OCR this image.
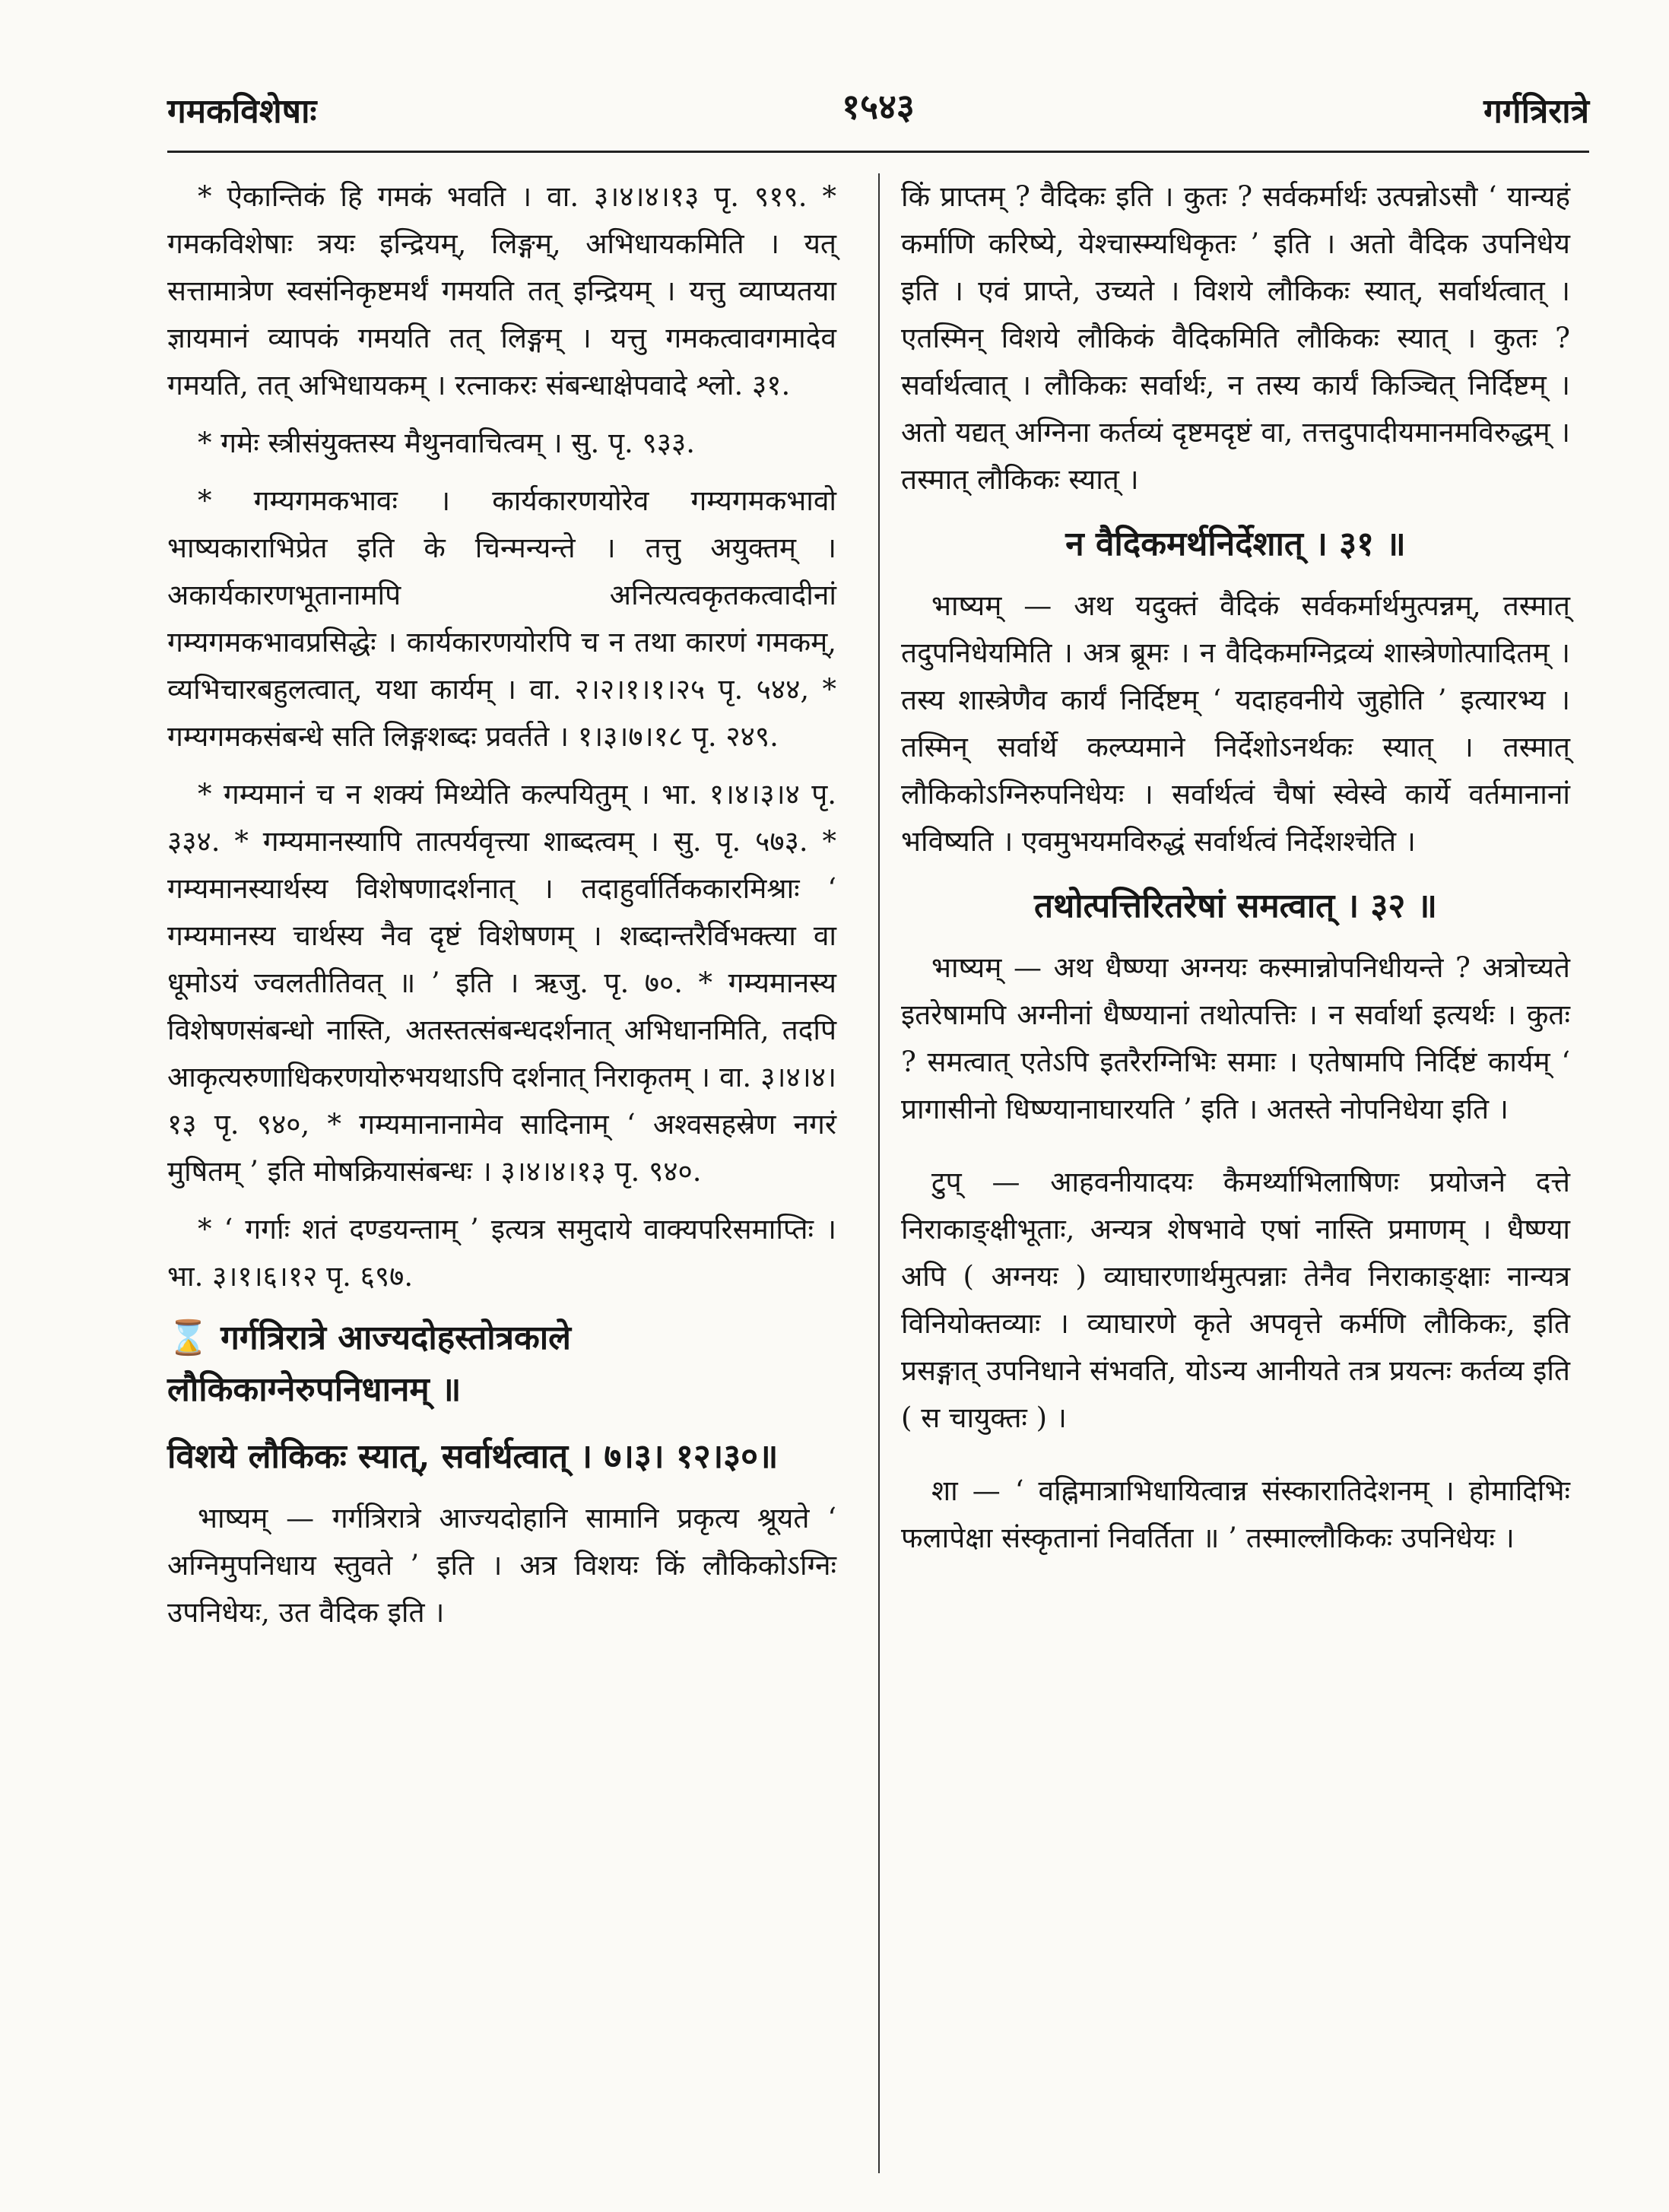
गमकविशेषाः	१५४३	गर्गत्रिरात्रे

* ऐकान्तिकं हि गमकं भवति । वा. ३।४।४।१३ पृ. ९१९. * गमकविशेषाः त्रयः इन्द्रियम्, लिङ्गम्, अभिधायकमिति । यत् सत्तामात्रेण स्वसंनिकृष्टमर्थं गमयति तत् इन्द्रियम् । यत्तु व्याप्यतया ज्ञायमानं व्यापकं गमयति तत् लिङ्गम् । यत्तु गमकत्वावगमादेव गमयति, तत् अभिधायकम् । रत्नाकरः संबन्धाक्षेपवादे श्लो. ३१.

* गमेः स्त्रीसंयुक्तस्य मैथुनवाचित्वम् । सु. पृ. ९३३.

* गम्यगमकभावः । कार्यकारणयोरेव गम्यगमकभावो भाष्यकाराभिप्रेत इति के चिन्मन्यन्ते । तत्तु अयुक्तम् । अकार्यकारणभूतानामपि अनित्यत्वकृतकत्वादीनां गम्यगमकभावप्रसिद्धेः । कार्यकारणयोरपि च न तथा कारणं गमकम्, व्यभिचारबहुलत्वात्, यथा कार्यम् । वा. २।२।१।१।२५ पृ. ५४४, * गम्यगमकसंबन्धे सति लिङ्गशब्दः प्रवर्तते । १।३।७।१८ पृ. २४९.

* गम्यमानं च न शक्यं मिथ्येति कल्पयितुम् । भा. १।४।३।४ पृ. ३३४. * गम्यमानस्यापि तात्पर्यवृत्त्या शाब्दत्वम् । सु. पृ. ५७३. * गम्यमानस्यार्थस्य विशेषणादर्शनात् । तदाहुर्वार्तिककारमिश्राः ‘ गम्यमानस्य चार्थस्य नैव दृष्टं विशेषणम् । शब्दान्तरैर्विभक्त्या वा धूमोऽयं ज्वलतीतिवत् ॥ ’ इति । ऋजु. पृ. ७०. * गम्यमानस्य विशेषणसंबन्धो नास्ति, अतस्तत्संबन्धदर्शनात् अभिधानमिति, तदपि आकृत्यरुणाधिकरणयोरुभयथाऽपि दर्शनात् निराकृतम् । वा. ३।४।४।१३ पृ. ९४०, * गम्यमानानामेव सादिनाम् ‘ अश्वसहस्रेण नगरं मुषितम् ’ इति मोषक्रियासंबन्धः । ३।४।४।१३ पृ. ९४०.

* ‘ गर्गाः शतं दण्डयन्ताम् ’ इत्यत्र समुदाये वाक्यपरिसमाप्तिः । भा. ३।१।६।१२ पृ. ६९७.

⌛ गर्गत्रिरात्रे आज्यदोहस्तोत्रकाले लौकिकाग्नेरुपनिधानम् ॥

विशये लौकिकः स्यात्, सर्वार्थत्वात् । ७।३। १२।३०॥

भाष्यम् — गर्गत्रिरात्रे आज्यदोहानि सामानि प्रकृत्य श्रूयते ‘ अग्निमुपनिधाय स्तुवते ’ इति । अत्र विशयः किं लौकिकोऽग्निः उपनिधेयः, उत वैदिक इति ।

किं प्राप्तम् ? वैदिकः इति । कुतः ? सर्वकर्मार्थः उत्पन्नोऽसौ ‘ यान्यहं कर्माणि करिष्ये, येश्चास्म्यधिकृतः ’ इति । अतो वैदिक उपनिधेय इति । एवं प्राप्ते, उच्यते । विशये लौकिकः स्यात्, सर्वार्थत्वात् । एतस्मिन् विशये लौकिकं वैदिकमिति लौकिकः स्यात् । कुतः ? सर्वार्थत्वात् । लौकिकः सर्वार्थः, न तस्य कार्यं किञ्चित् निर्दिष्टम् । अतो यद्यत् अग्निना कर्तव्यं दृष्टमदृष्टं वा, तत्तदुपादीयमानमविरुद्धम् । तस्मात् लौकिकः स्यात् ।

न वैदिकमर्थनिर्देशात् । ३१ ॥

भाष्यम् — अथ यदुक्तं वैदिकं सर्वकर्मार्थमुत्पन्नम्, तस्मात् तदुपनिधेयमिति । अत्र ब्रूमः । न वैदिकमग्निद्रव्यं शास्त्रेणोत्पादितम् । तस्य शास्त्रेणैव कार्यं निर्दिष्टम् ‘ यदाहवनीये जुहोति ’ इत्यारभ्य । तस्मिन् सर्वार्थे कल्प्यमाने निर्देशोऽनर्थकः स्यात् । तस्मात् लौकिकोऽग्निरुपनिधेयः । सर्वार्थत्वं चैषां स्वेस्वे कार्ये वर्तमानानां भविष्यति । एवमुभयमविरुद्धं सर्वार्थत्वं निर्देशश्चेति ।

तथोत्पत्तिरितरेषां समत्वात् । ३२ ॥

भाष्यम् — अथ धैष्ण्या अग्नयः कस्मान्नोपनिधीयन्ते ? अत्रोच्यते इतरेषामपि अग्नीनां धैष्ण्यानां तथोत्पत्तिः । न सर्वार्था इत्यर्थः । कुतः ? समत्वात् एतेऽपि इतरैरग्निभिः समाः । एतेषामपि निर्दिष्टं कार्यम् ‘ प्रागासीनो धिष्ण्यानाघारयति ’ इति । अतस्ते नोपनिधेया इति ।

टुप् — आहवनीयादयः कैमर्थ्याभिलाषिणः प्रयोजने दत्ते निराकाङ्क्षीभूताः, अन्यत्र शेषभावे एषां नास्ति प्रमाणम् । धैष्ण्या अपि ( अग्नयः ) व्याघारणार्थमुत्पन्नाः तेनैव निराकाङ्क्षाः नान्यत्र विनियोक्तव्याः । व्याघारणे कृते अपवृत्ते कर्मणि लौकिकः, इति प्रसङ्गात् उपनिधाने संभवति, योऽन्य आनीयते तत्र प्रयत्नः कर्तव्य इति ( स चायुक्तः ) ।

शा — ‘ वह्निमात्राभिधायित्वान्न संस्कारातिदेशनम् । होमादिभिः फलापेक्षा संस्कृतानां निवर्तिता ॥ ’ तस्माल्लौकिकः उपनिधेयः ।
